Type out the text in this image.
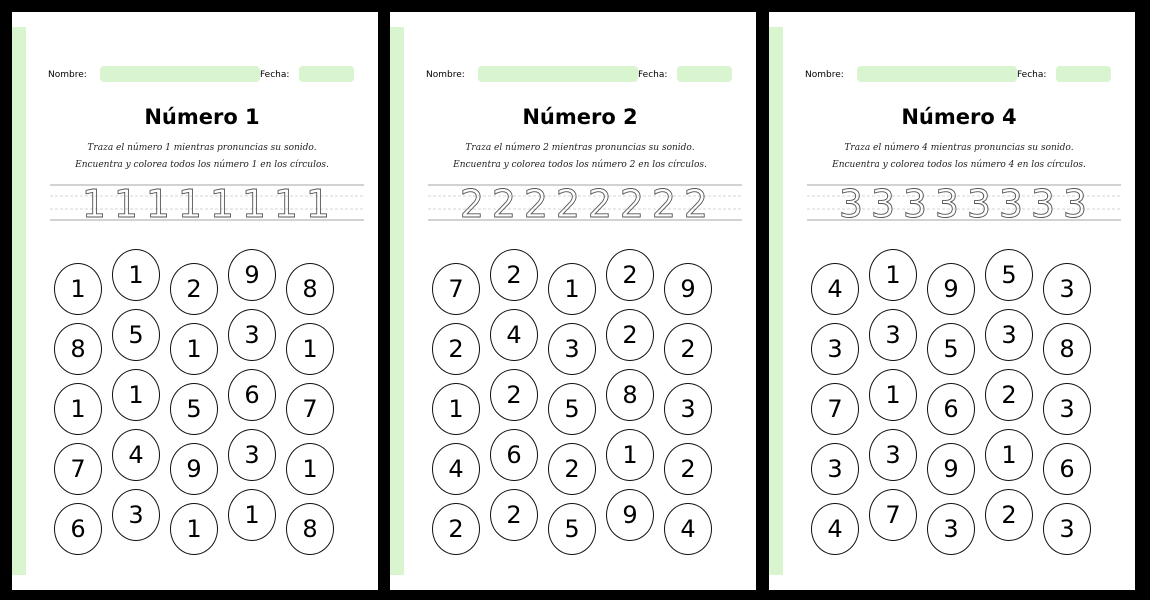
Nombre:	Fecha:
Número 1
Traza el número 1 mientras pronuncias su sonido.
Encuentra y colorea todos los número 1 en los círculos.
1 1 1 1 1 1 1 1
1	1	2	9	8
8	5	1	3	1
1	1	5	6	7
7	4	9	3	1
6	3	1	1	8
Nombre:	Fecha:
Número 2
Traza el número 2 mientras pronuncias su sonido.
Encuentra y colorea todos los número 2 en los círculos.
2 2 2 2 2 2 2 2
7	2	1	2	9
2	4	3	2	2
1	2	5	8	3
4	6	2	1	2
2	2	5	9	4
Nombre:	Fecha:
Número 4
Traza el número 4 mientras pronuncias su sonido.
Encuentra y colorea todos los número 4 en los círculos.
3 3 3 3 3 3 3 3
4	1	9	5	3
3	3	5	3	8
7	1	6	2	3
3	3	9	1	6
4	7	3	2	3
